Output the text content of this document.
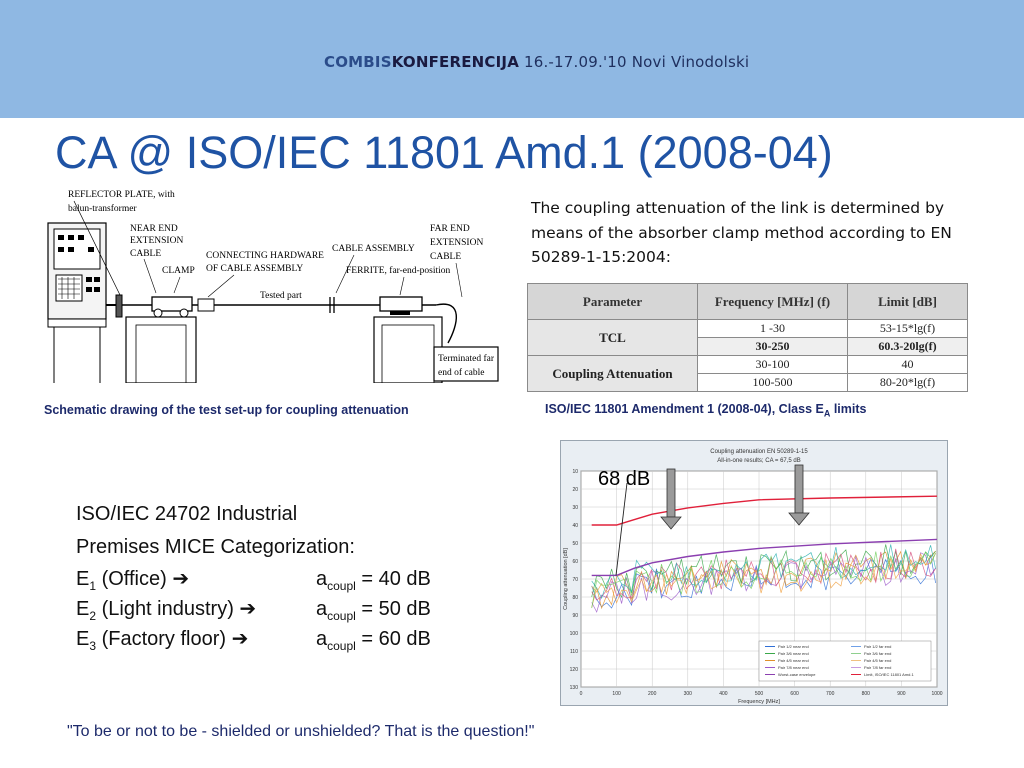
COMBISKONFERENCIJA 16.-17.09.'10 Novi Vinodolski
CA @ ISO/IEC 11801 Amd.1 (2008-04)
REFLECTOR PLATE, with
balun-transformer
NEAR END
EXTENSION
CABLE
CLAMP
CONNECTING HARDWARE
OF CABLE ASSEMBLY
Tested part
CABLE ASSEMBLY
FERRITE, far-end-position
FAR END
EXTENSION
CABLE
Terminated far
end of cable
Schematic drawing of the test set-up for coupling attenuation
The coupling attenuation of the link is determined by means of the absorber clamp method according to EN 50289-1-15:2004:
Parameter	Frequency [MHz] (f)	Limit [dB]
TCL	1 -30	53-15*lg(f)
	30-250	60.3-20lg(f)
Coupling Attenuation	30-100	40
	100-500	80-20*lg(f)
ISO/IEC 11801 Amendment 1 (2008-04), Class $E_A$ limits
Coupling attenuation EN 50289-1-15
All-in-one results; CA = 67,5 dB
0	100	200	300	400	500	600	700	800	900	1000
10
20
30
40
50
60
70
80
90
100
110
120
130
Frequency [MHz]
Coupling attenuation [dB]
Pair 1/2 near end	Pair 1/2 far end
Pair 3/6 near end	Pair 3/6 far end
Pair 4/5 near end	Pair 4/5 far end
Pair 7/8 near end	Pair 7/8 far end
Worst-case envelope	Limit, ISO/IEC 11801 Amd.1
68 dB
ISO/IEC 24702 Industrial
Premises MICE Categorization:
$E_1$ (Office) ➔	$a_{coupl} = 40$ dB
$E_2$ (Light industry) ➔	$a_{coupl} = 50$ dB
$E_3$ (Factory floor) ➔	$a_{coupl} = 60$ dB
"To be or not to be - shielded or unshielded? That is the question!"
